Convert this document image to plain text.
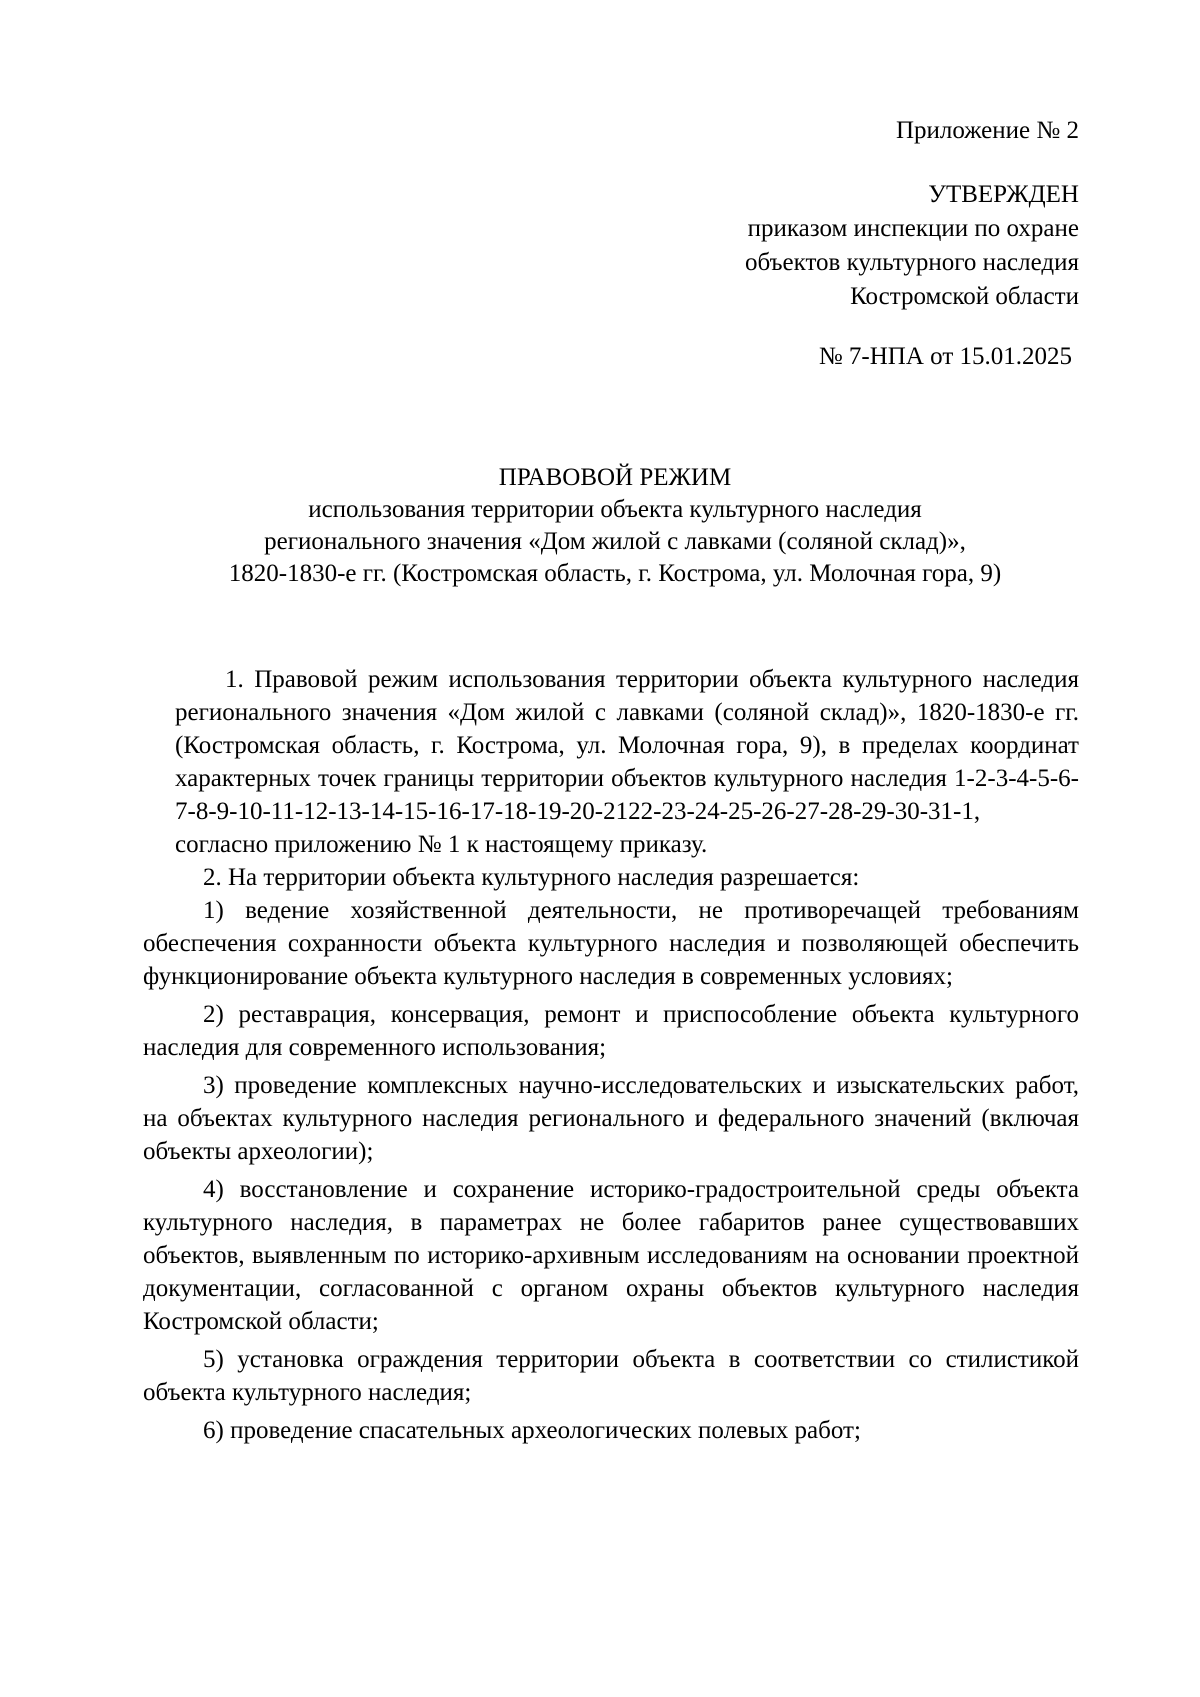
Приложение № 2
УТВЕРЖДЕН
приказом инспекции по охране
объектов культурного наследия
Костромской области
№ 7-НПА от 15.01.2025
ПРАВОВОЙ РЕЖИМ
использования территории объекта культурного наследия
регионального значения «Дом жилой с лавками (соляной склад)»,
1820-1830-е гг. (Костромская область, г. Кострома, ул. Молочная гора, 9)

1. Правовой режим использования территории объекта культурного наследия регионального значения «Дом жилой с лавками (соляной склад)», 1820-1830-е гг. (Костромская область, г. Кострома, ул. Молочная гора, 9), в пределах координат характерных точек границы территории объектов культурного наследия 1-2-3-4-5-6-7-8-9-10-11-12-13-14-15-16-17-18-19-20-2122-23-24-25-26-27-28-29-30-31-1, согласно приложению № 1 к настоящему приказу.

2. На территории объекта культурного наследия разрешается:

1) ведение хозяйственной деятельности, не противоречащей требованиям обеспечения сохранности объекта культурного наследия и позволяющей обеспечить функционирование объекта культурного наследия в современных условиях;

2) реставрация, консервация, ремонт и приспособление объекта культурного наследия для современного использования;

3) проведение комплексных научно-исследовательских и изыскательских работ, на объектах культурного наследия регионального и федерального значений (включая объекты археологии);

4) восстановление и сохранение историко-градостроительной среды объекта культурного наследия, в параметрах не более габаритов ранее существовавших объектов, выявленным по историко-архивным исследованиям на основании проектной документации, согласованной с органом охраны объектов культурного наследия Костромской области;

5) установка ограждения территории объекта в соответствии со стилистикой объекта культурного наследия;

6) проведение спасательных археологических полевых работ;
